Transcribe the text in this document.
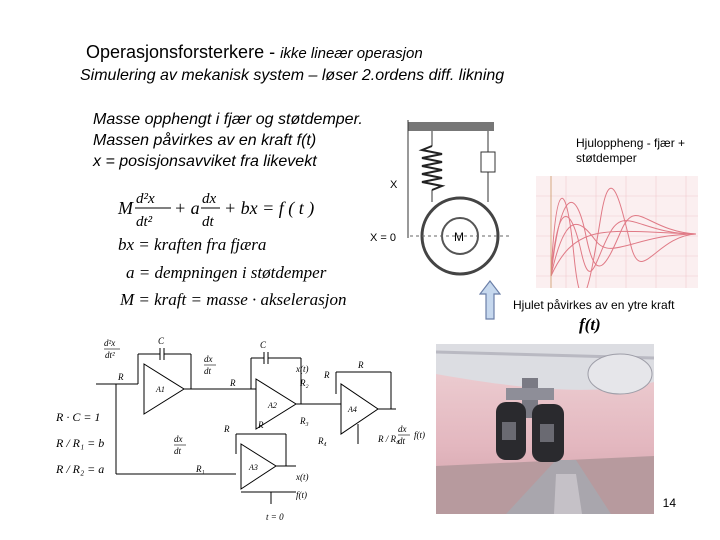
Operasjonsforsterkere - ikke lineær operasjon
Simulering av mekanisk system – løser 2.ordens diff. likning
Masse opphengt i fjær og støtdemper.
Massen påvirkes av en kraft f(t)
x = posisjonsavviket fra likevekt
M d²x
dt²
+ a dx
dt
+ bx = f ( t )
bx = kraften fra fjæra
a = dempningen i støtdemper
M = kraft = masse · akselerasjon
X
X = 0	M
Hjuloppheng - fjær + støtdemper
Hjulet påvirkes av en ytre kraft
f(t)
d²x
dt²
C	C
A1
A2
A3
A4
dx
dt
dx
dt
dx
dt
x(t)
x(t)
f(t)
f(t)
R / R₄
t = 0
R
R
R
R
R₁
R₂
R₃
R₄
R
R
R · C = 1
R / R₁ = b
R / R₂ = a
14
